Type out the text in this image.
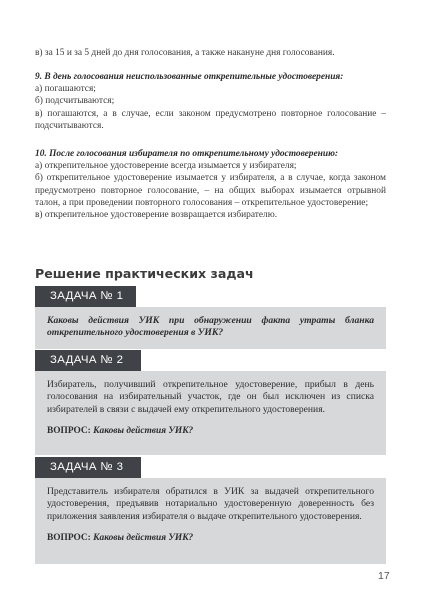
в) за 15 и за 5 дней до дня голосования, а также накануне дня голосования.

9. В день голосования неиспользованные открепительные удостоверения:

а) погашаются;

б) подсчитываются;

в) погашаются, а в случае, если законом предусмотрено повторное голосование – подсчитываются.

10. После голосования избирателя по открепительному удостоверению:

а) открепительное удостоверение всегда изымается у избирателя;

б) открепительное удостоверение изымается у избирателя, а в случае, когда законом предусмотрено повторное голосование, – на общих выборах изымается отрывной талон, а при проведении повторного голосования – открепительное удостоверение;

в) открепительное удостоверение возвращается избирателю.

Решение практических задач
ЗАДАЧА № 1

Каковы действия УИК при обнаружении факта утраты бланка открепительного удостоверения в УИК?

ЗАДАЧА № 2

Избиратель, получивший открепительное удостоверение, прибыл в день голосования на избирательный участок, где он был исключен из списка избирателей в связи с выдачей ему открепительного удостоверения.

ВОПРОС: Каковы действия УИК?

ЗАДАЧА № 3

Представитель избирателя обратился в УИК за выдачей открепительного удостоверения, предъявив нотариально удостоверенную доверенность без приложения заявления избирателя о выдаче открепительного удостоверения.

ВОПРОС: Каковы действия УИК?

17
